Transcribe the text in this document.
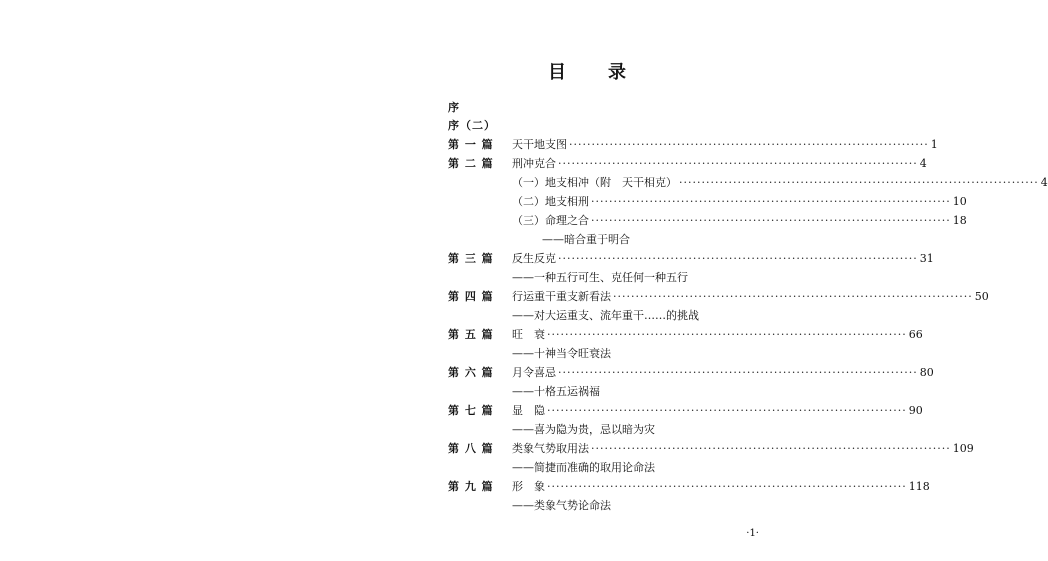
目 录
序
序（二）
第 一 篇 天干地支图 ················································································ 1
第 二 篇 刑冲克合 ················································································ 4
（一）地支相冲（附　天干相克） ················································································ 4
（二）地支相刑 ················································································ 10
（三）命理之合 ················································································ 18
——暗合重于明合
第 三 篇 反生反克 ················································································ 31
——一种五行可生、克任何一种五行
第 四 篇 行运重干重支新看法 ················································································ 50
——对大运重支、流年重干……的挑战
第 五 篇 旺　衰 ················································································ 66
——十神当令旺衰法
第 六 篇 月令喜忌 ················································································ 80
——十格五运祸福
第 七 篇 显　隐 ················································································ 90
——喜为隐为贵，忌以暗为灾
第 八 篇 类象气势取用法 ················································································ 109
——简捷而准确的取用论命法
第 九 篇 形　象 ················································································ 118
——类象气势论命法
·1·
